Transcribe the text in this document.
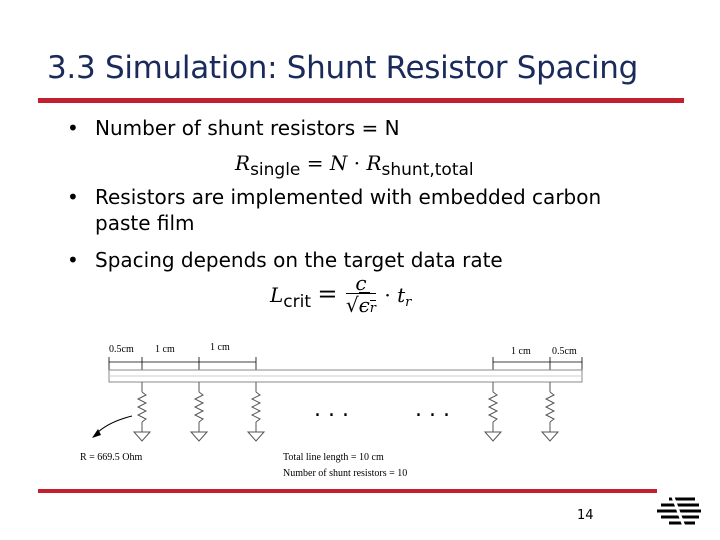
3.3 Simulation: Shunt Resistor Spacing
• Number of shunt resistors = N
$R_{single} = N \cdot R_{shunt,total}$
• Resistors are implemented with embedded carbon
paste film
• Spacing depends on the target data rate
$L_{crit} = \frac{c}{√\epsilon r} \cdot t_r$
0.5cm 1 cm	1 cm	1 cm 0.5cm
. . .	. . .
R = 669.5 Ohm	Total line length = 10 cm
Number of shunt resistors = 10
14
